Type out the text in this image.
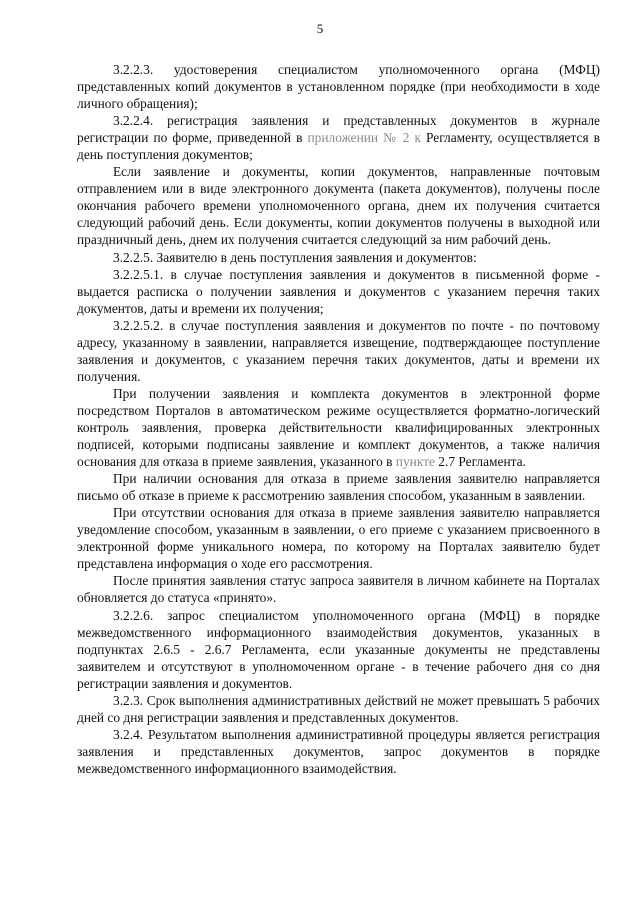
5

3.2.2.3. удостоверения специалистом уполномоченного органа (МФЦ) представленных копий документов в установленном порядке (при необходимости в ходе личного обращения);

3.2.2.4. регистрация заявления и представленных документов в журнале регистрации по форме, приведенной в приложении № 2 к Регламенту, осуществляется в день поступления документов;

Если заявление и документы, копии документов, направленные почтовым отправлением или в виде электронного документа (пакета документов), получены после окончания рабочего времени уполномоченного органа, днем их получения считается следующий рабочий день. Если документы, копии документов получены в выходной или праздничный день, днем их получения считается следующий за ним рабочий день.

3.2.2.5. Заявителю в день поступления заявления и документов:

3.2.2.5.1. в случае поступления заявления и документов в письменной форме - выдается расписка о получении заявления и документов с указанием перечня таких документов, даты и времени их получения;

3.2.2.5.2. в случае поступления заявления и документов по почте - по почтовому адресу, указанному в заявлении, направляется извещение, подтверждающее поступление заявления и документов, с указанием перечня таких документов, даты и времени их получения.

При получении заявления и комплекта документов в электронной форме посредством Порталов в автоматическом режиме осуществляется форматно-логический контроль заявления, проверка действительности квалифицированных электронных подписей, которыми подписаны заявление и комплект документов, а также наличия основания для отказа в приеме заявления, указанного в пункте 2.7 Регламента.

При наличии основания для отказа в приеме заявления заявителю направляется письмо об отказе в приеме к рассмотрению заявления способом, указанным в заявлении.

При отсутствии основания для отказа в приеме заявления заявителю направляется уведомление способом, указанным в заявлении, о его приеме с указанием присвоенного в электронной форме уникального номера, по которому на Порталах заявителю будет представлена информация о ходе его рассмотрения.

После принятия заявления статус запроса заявителя в личном кабинете на Порталах обновляется до статуса «принято».

3.2.2.6. запрос специалистом уполномоченного органа (МФЦ) в порядке межведомственного информационного взаимодействия документов, указанных в подпунктах 2.6.5 - 2.6.7 Регламента, если указанные документы не представлены заявителем и отсутствуют в уполномоченном органе - в течение рабочего дня со дня регистрации заявления и документов.

3.2.3. Срок выполнения административных действий не может превышать 5 рабочих дней со дня регистрации заявления и представленных документов.

3.2.4. Результатом выполнения административной процедуры является регистрация заявления и представленных документов, запрос документов в порядке межведомственного информационного взаимодействия.
